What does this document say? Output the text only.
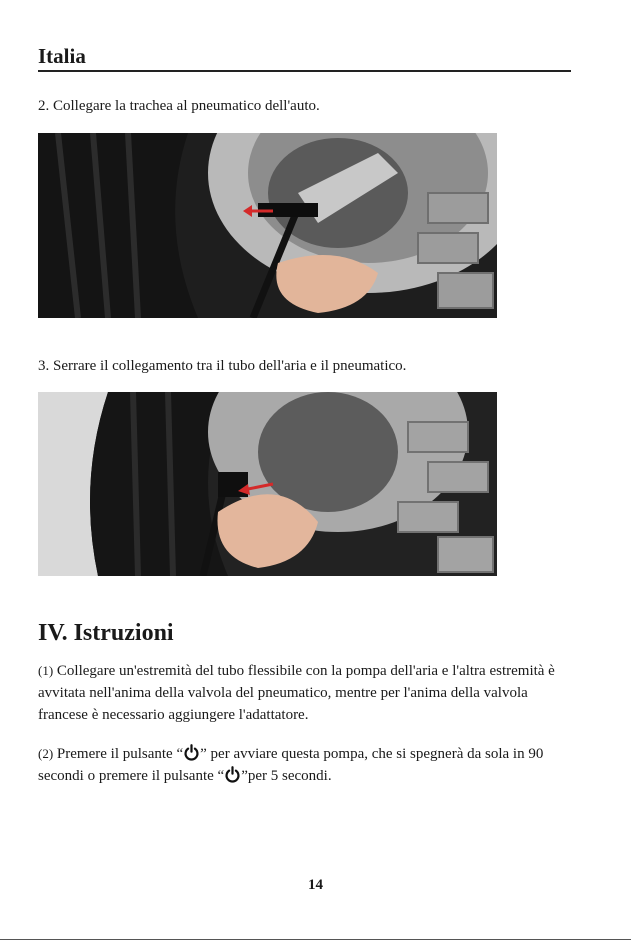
Italia
2. Collegare la trachea al pneumatico dell'auto.
3. Serrare il collegamento tra il tubo dell'aria e il pneumatico.
IV. Istruzioni
(1) Collegare un'estremità del tubo flessibile con la pompa dell'aria e l'altra estremità è avvitata nell'anima della valvola del pneumatico, mentre per l'anima della valvola francese è necessario aggiungere l'adattatore.
(2) Premere il pulsante “ ” per avviare questa pompa, che si spegnerà da sola in 90 secondi o premere il pulsante “ ”per 5 secondi.
14
